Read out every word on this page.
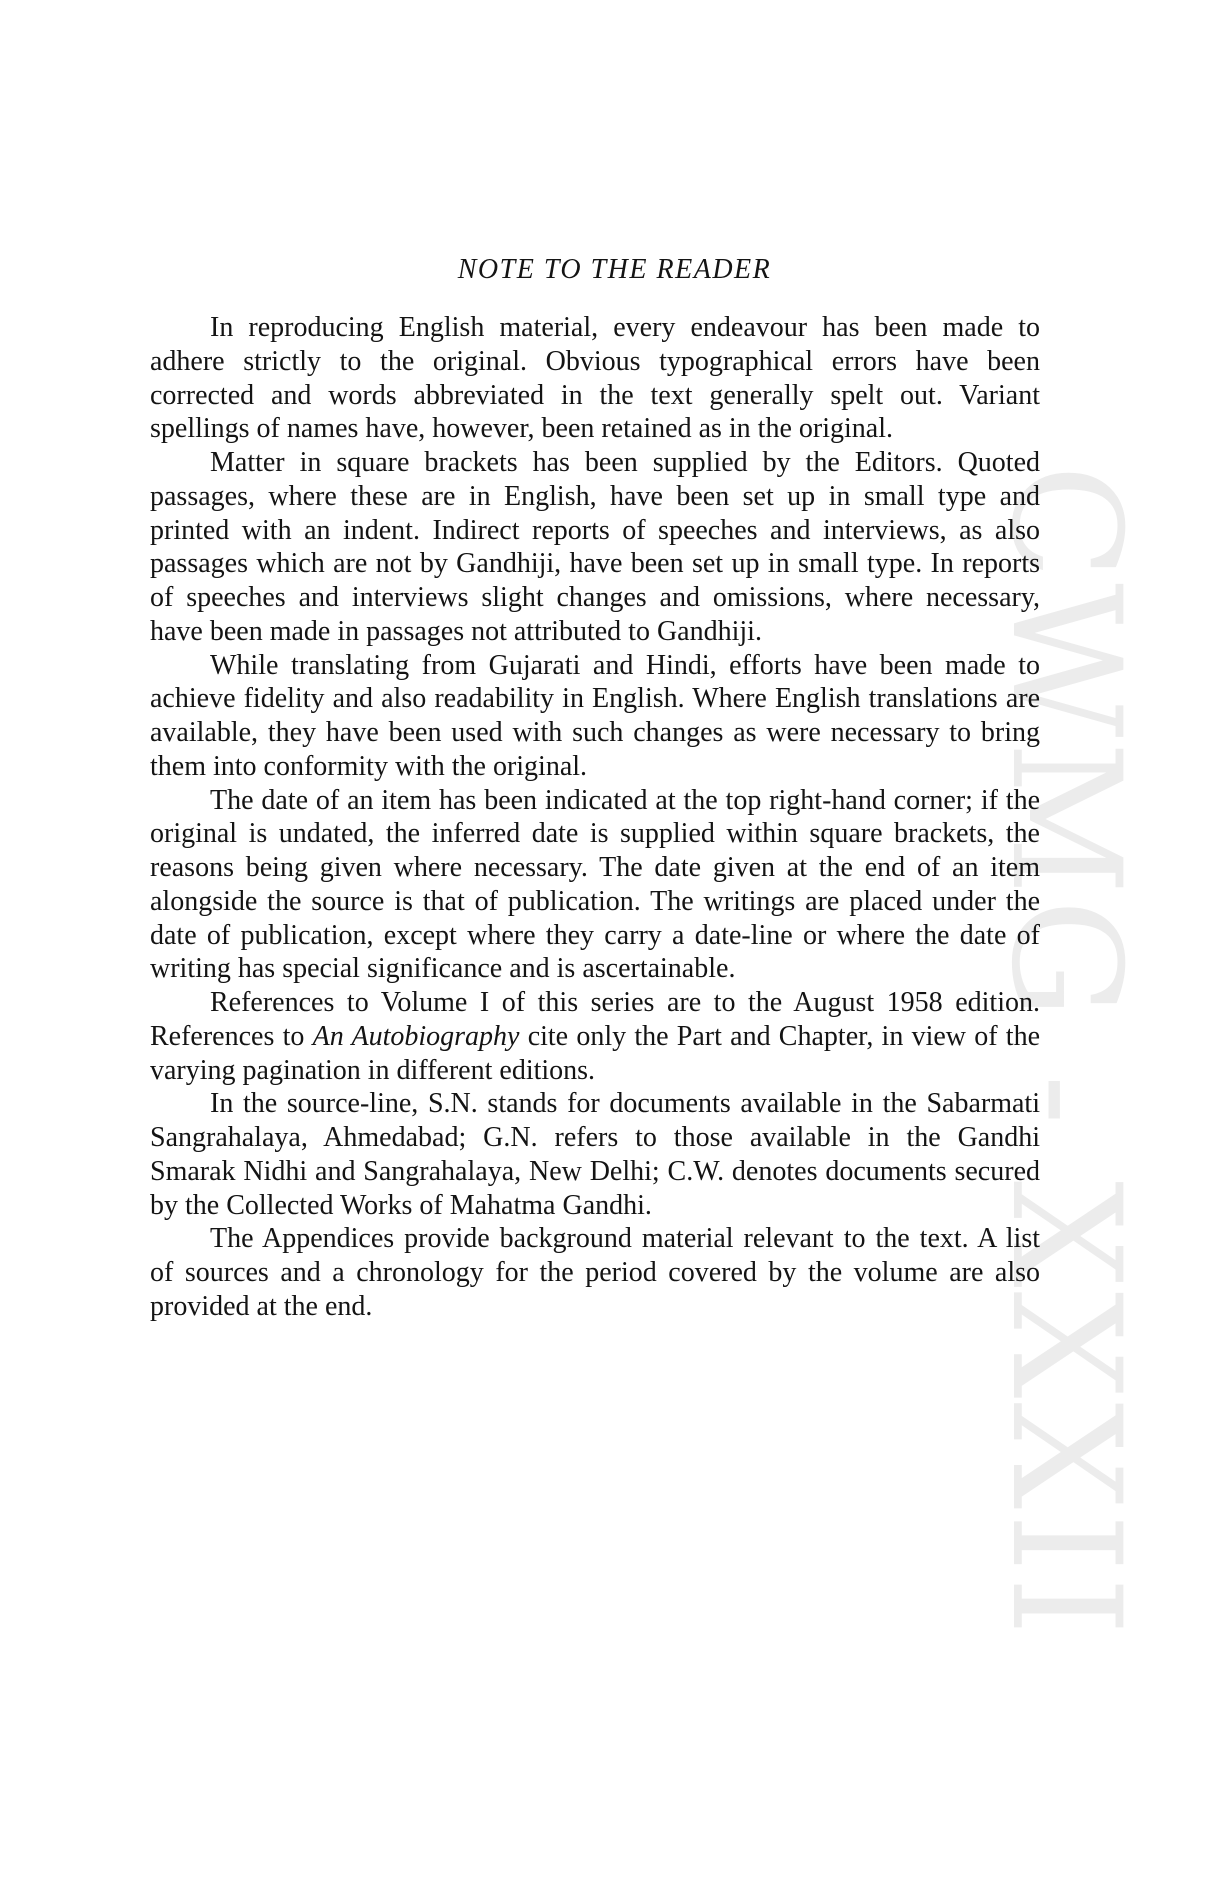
CWMG - XXXII
NOTE TO THE READER

In reproducing English material, every endeavour has been made to adhere strictly to the original. Obvious typographical errors have been corrected and words abbreviated in the text generally spelt out. Variant spellings of names have, however, been retained as in the original.

Matter in square brackets has been supplied by the Editors. Quoted passages, where these are in English, have been set up in small type and printed with an indent. Indirect reports of speeches and interviews, as also passages which are not by Gandhiji, have been set up in small type. In reports of speeches and interviews slight changes and omissions, where necessary, have been made in passages not attributed to Gandhiji.

While translating from Gujarati and Hindi, efforts have been made to achieve fidelity and also readability in English. Where English translations are available, they have been used with such changes as were necessary to bring them into conformity with the original.

The date of an item has been indicated at the top right-hand corner; if the original is undated, the inferred date is supplied within square brackets, the reasons being given where necessary. The date given at the end of an item alongside the source is that of publication. The writings are placed under the date of publication, except where they carry a date-line or where the date of writing has special significance and is ascertainable.

References to Volume I of this series are to the August 1958 edition. References to An Autobiography cite only the Part and Chapter, in view of the varying pagination in different editions.

In the source-line, S.N. stands for documents available in the Sabarmati Sangrahalaya, Ahmedabad; G.N. refers to those available in the Gandhi Smarak Nidhi and Sangrahalaya, New Delhi; C.W. denotes documents secured by the Collected Works of Mahatma Gandhi.

The Appendices provide background material relevant to the text. A list of sources and a chronology for the period covered by the volume are also provided at the end.
